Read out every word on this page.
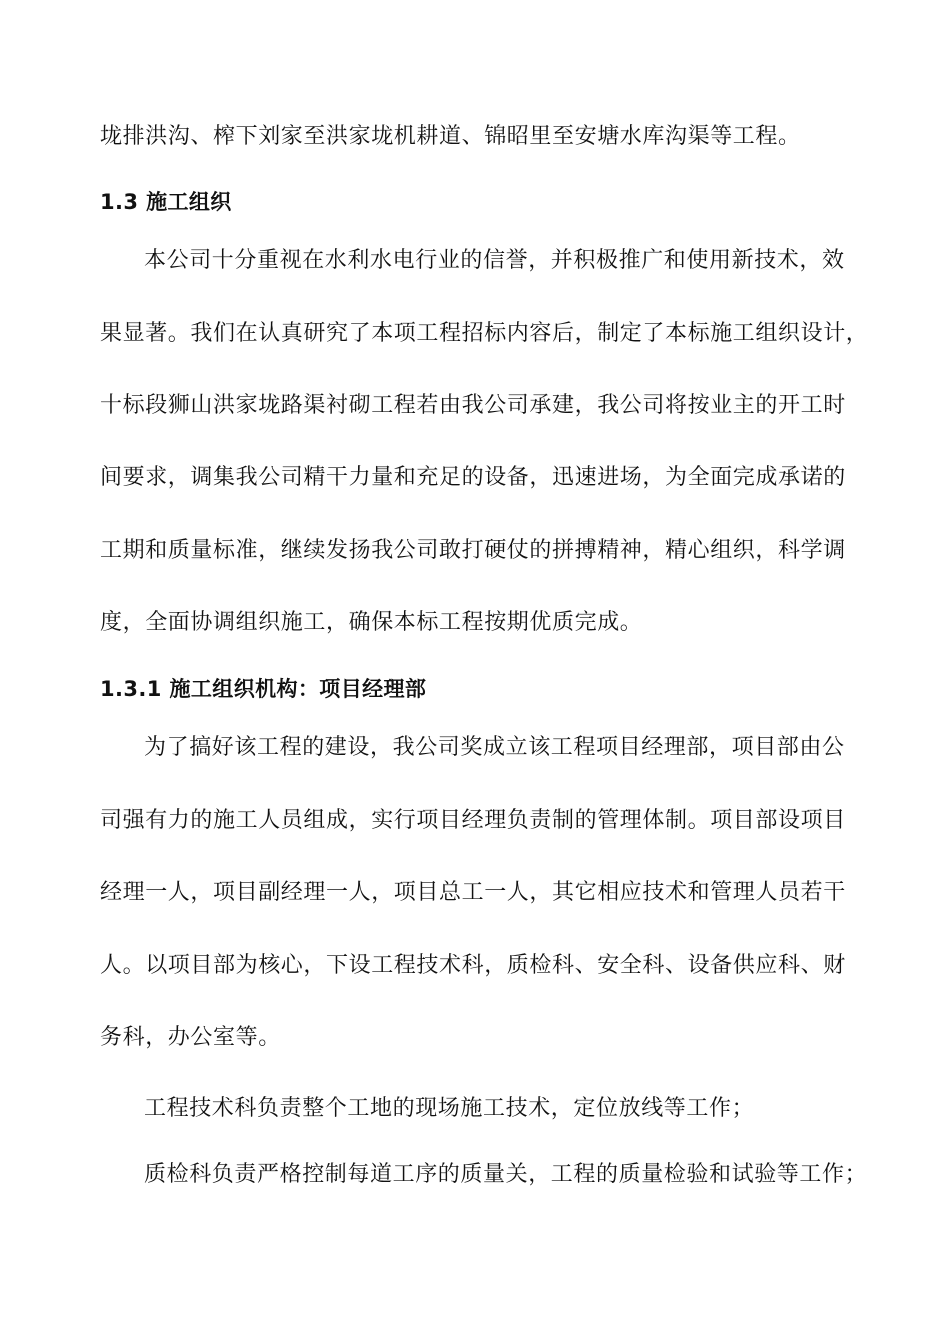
垅排洪沟、榨下刘家至洪家垅机耕道、锦昭里至安塘水库沟渠等工程。
1.3 施工组织
本公司十分重视在水利水电行业的信誉，并积极推广和使用新技术，效
果显著。我们在认真研究了本项工程招标内容后，制定了本标施工组织设计，
十标段狮山洪家垅路渠衬砌工程若由我公司承建，我公司将按业主的开工时
间要求，调集我公司精干力量和充足的设备，迅速进场，为全面完成承诺的
工期和质量标准，继续发扬我公司敢打硬仗的拼搏精神，精心组织，科学调
度，全面协调组织施工，确保本标工程按期优质完成。
1.3.1 施工组织机构：项目经理部
为了搞好该工程的建设，我公司奖成立该工程项目经理部，项目部由公
司强有力的施工人员组成，实行项目经理负责制的管理体制。项目部设项目
经理一人，项目副经理一人，项目总工一人，其它相应技术和管理人员若干
人。以项目部为核心，下设工程技术科，质检科、安全科、设备供应科、财
务科，办公室等。
工程技术科负责整个工地的现场施工技术，定位放线等工作；
质检科负责严格控制每道工序的质量关，工程的质量检验和试验等工作；
